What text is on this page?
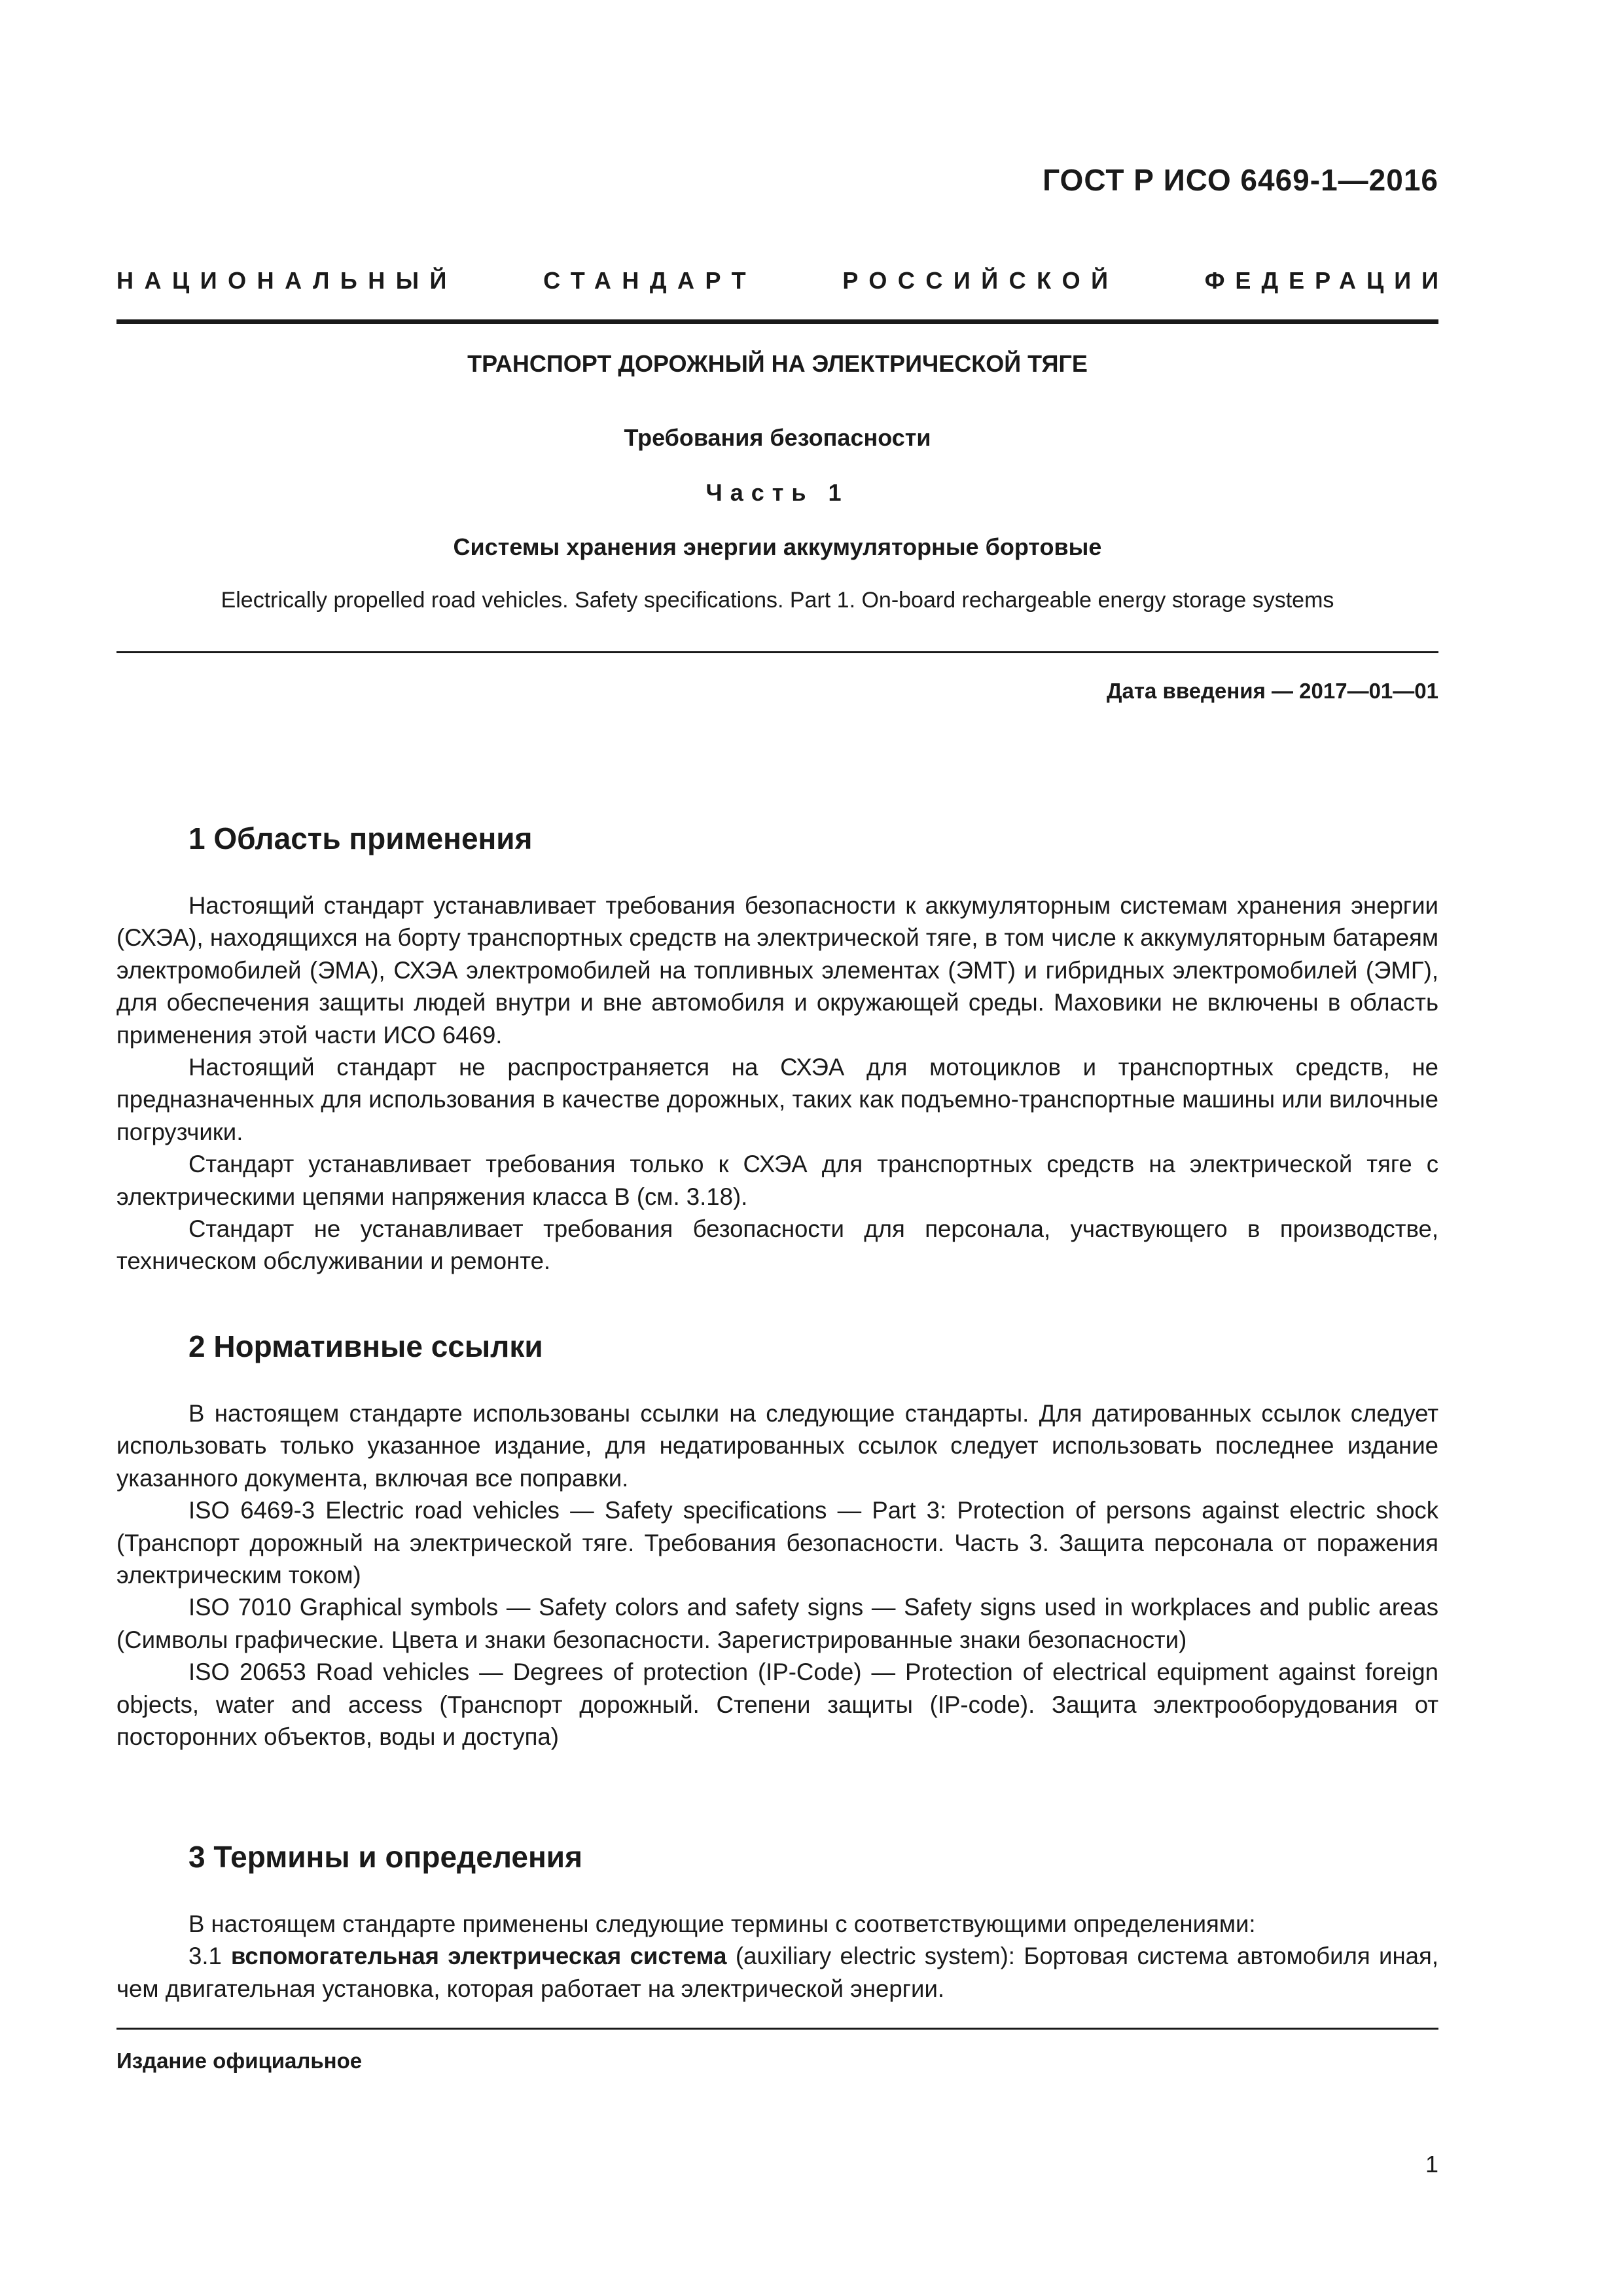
ГОСТ Р ИСО 6469-1—2016
НАЦИОНАЛЬНЫЙ	СТАНДАРТ	РОССИЙСКОЙ	ФЕДЕРАЦИИ
ТРАНСПОРТ ДОРОЖНЫЙ НА ЭЛЕКТРИЧЕСКОЙ ТЯГЕ
Требования безопасности
Часть 1
Системы хранения энергии аккумуляторные бортовые
Electrically propelled road vehicles. Safety specifications. Part 1. On-board rechargeable energy storage systems
Дата введения — 2017—01—01
1 Область применения

Настоящий стандарт устанавливает требования безопасности к аккумуляторным системам хранения энергии (СХЭА), находящихся на борту транспортных средств на электрической тяге, в том числе к аккумуляторным батареям электромобилей (ЭМА), СХЭА электромобилей на топливных элементах (ЭМТ) и гибридных электромобилей (ЭМГ), для обеспечения защиты людей внутри и вне автомобиля и окружающей среды. Маховики не включены в область применения этой части ИСО 6469.

Настоящий стандарт не распространяется на СХЭА для мотоциклов и транспортных средств, не предназначенных для использования в качестве дорожных, таких как подъемно-транспортные машины или вилочные погрузчики.

Стандарт устанавливает требования только к СХЭА для транспортных средств на электрической тяге с электрическими цепями напряжения класса В (см. 3.18).

Стандарт не устанавливает требования безопасности для персонала, участвующего в производстве, техническом обслуживании и ремонте.

2 Нормативные ссылки

В настоящем стандарте использованы ссылки на следующие стандарты. Для датированных ссылок следует использовать только указанное издание, для недатированных ссылок следует использовать последнее издание указанного документа, включая все поправки.

ISO 6469-3 Electric road vehicles — Safety specifications — Part 3: Protection of persons against electric shock (Транспорт дорожный на электрической тяге. Требования безопасности. Часть 3. Защита персонала от поражения электрическим током)

ISO 7010 Graphical symbols — Safety colors and safety signs — Safety signs used in workplaces and public areas (Символы графические. Цвета и знаки безопасности. Зарегистрированные знаки безопасности)

ISO 20653 Road vehicles — Degrees of protection (IP-Code) — Protection of electrical equipment against foreign objects, water and access (Транспорт дорожный. Степени защиты (IP-code). Защита электрооборудования от посторонних объектов, воды и доступа)

3 Термины и определения

В настоящем стандарте применены следующие термины с соответствующими определениями:

3.1 вспомогательная электрическая система (auxiliary electric system): Бортовая система автомобиля иная, чем двигательная установка, которая работает на электрической энергии.

Издание официальное
1
